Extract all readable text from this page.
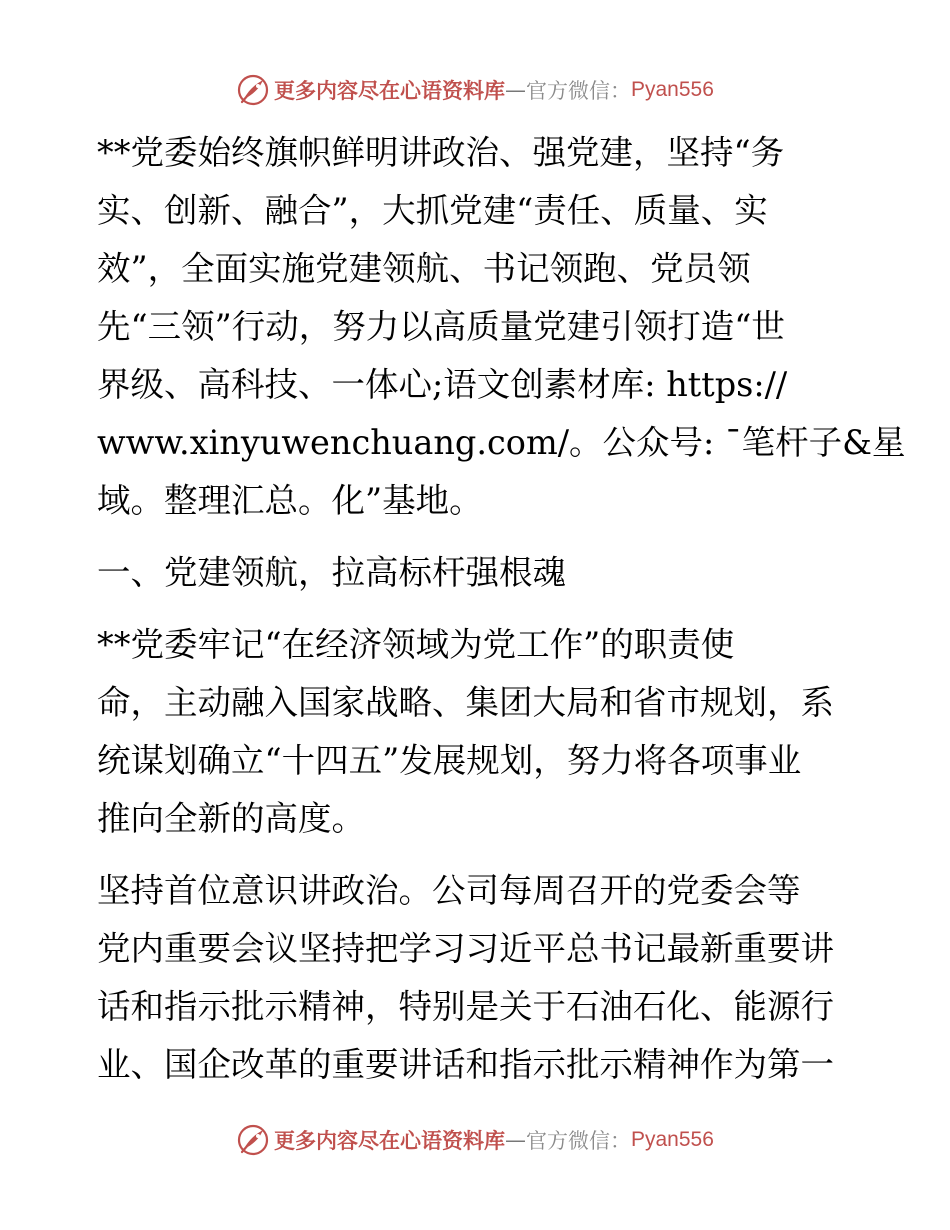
更多内容尽在心语资料库 — 官方微信： Pyan556
**党委始终旗帜鲜明讲政治、强党建，坚持“务
实、创新、融合”，大抓党建“责任、质量、实
效”，全面实施党建领航、书记领跑、党员领
先“三领”行动，努力以高质量党建引领打造“世
界级、高科技、一体心;语文创素材库: https://
www.xinyuwenchuang.com/。公众号: ¯笔杆子&星
域。整理汇总。化”基地。
一、党建领航，拉高标杆强根魂
**党委牢记“在经济领域为党工作”的职责使
命，主动融入国家战略、集团大局和省市规划，系
统谋划确立“十四五”发展规划，努力将各项事业
推向全新的高度。
坚持首位意识讲政治。公司每周召开的党委会等
党内重要会议坚持把学习习近平总书记最新重要讲
话和指示批示精神，特别是关于石油石化、能源行
业、国企改革的重要讲话和指示批示精神作为第一
更多内容尽在心语资料库 — 官方微信： Pyan556
